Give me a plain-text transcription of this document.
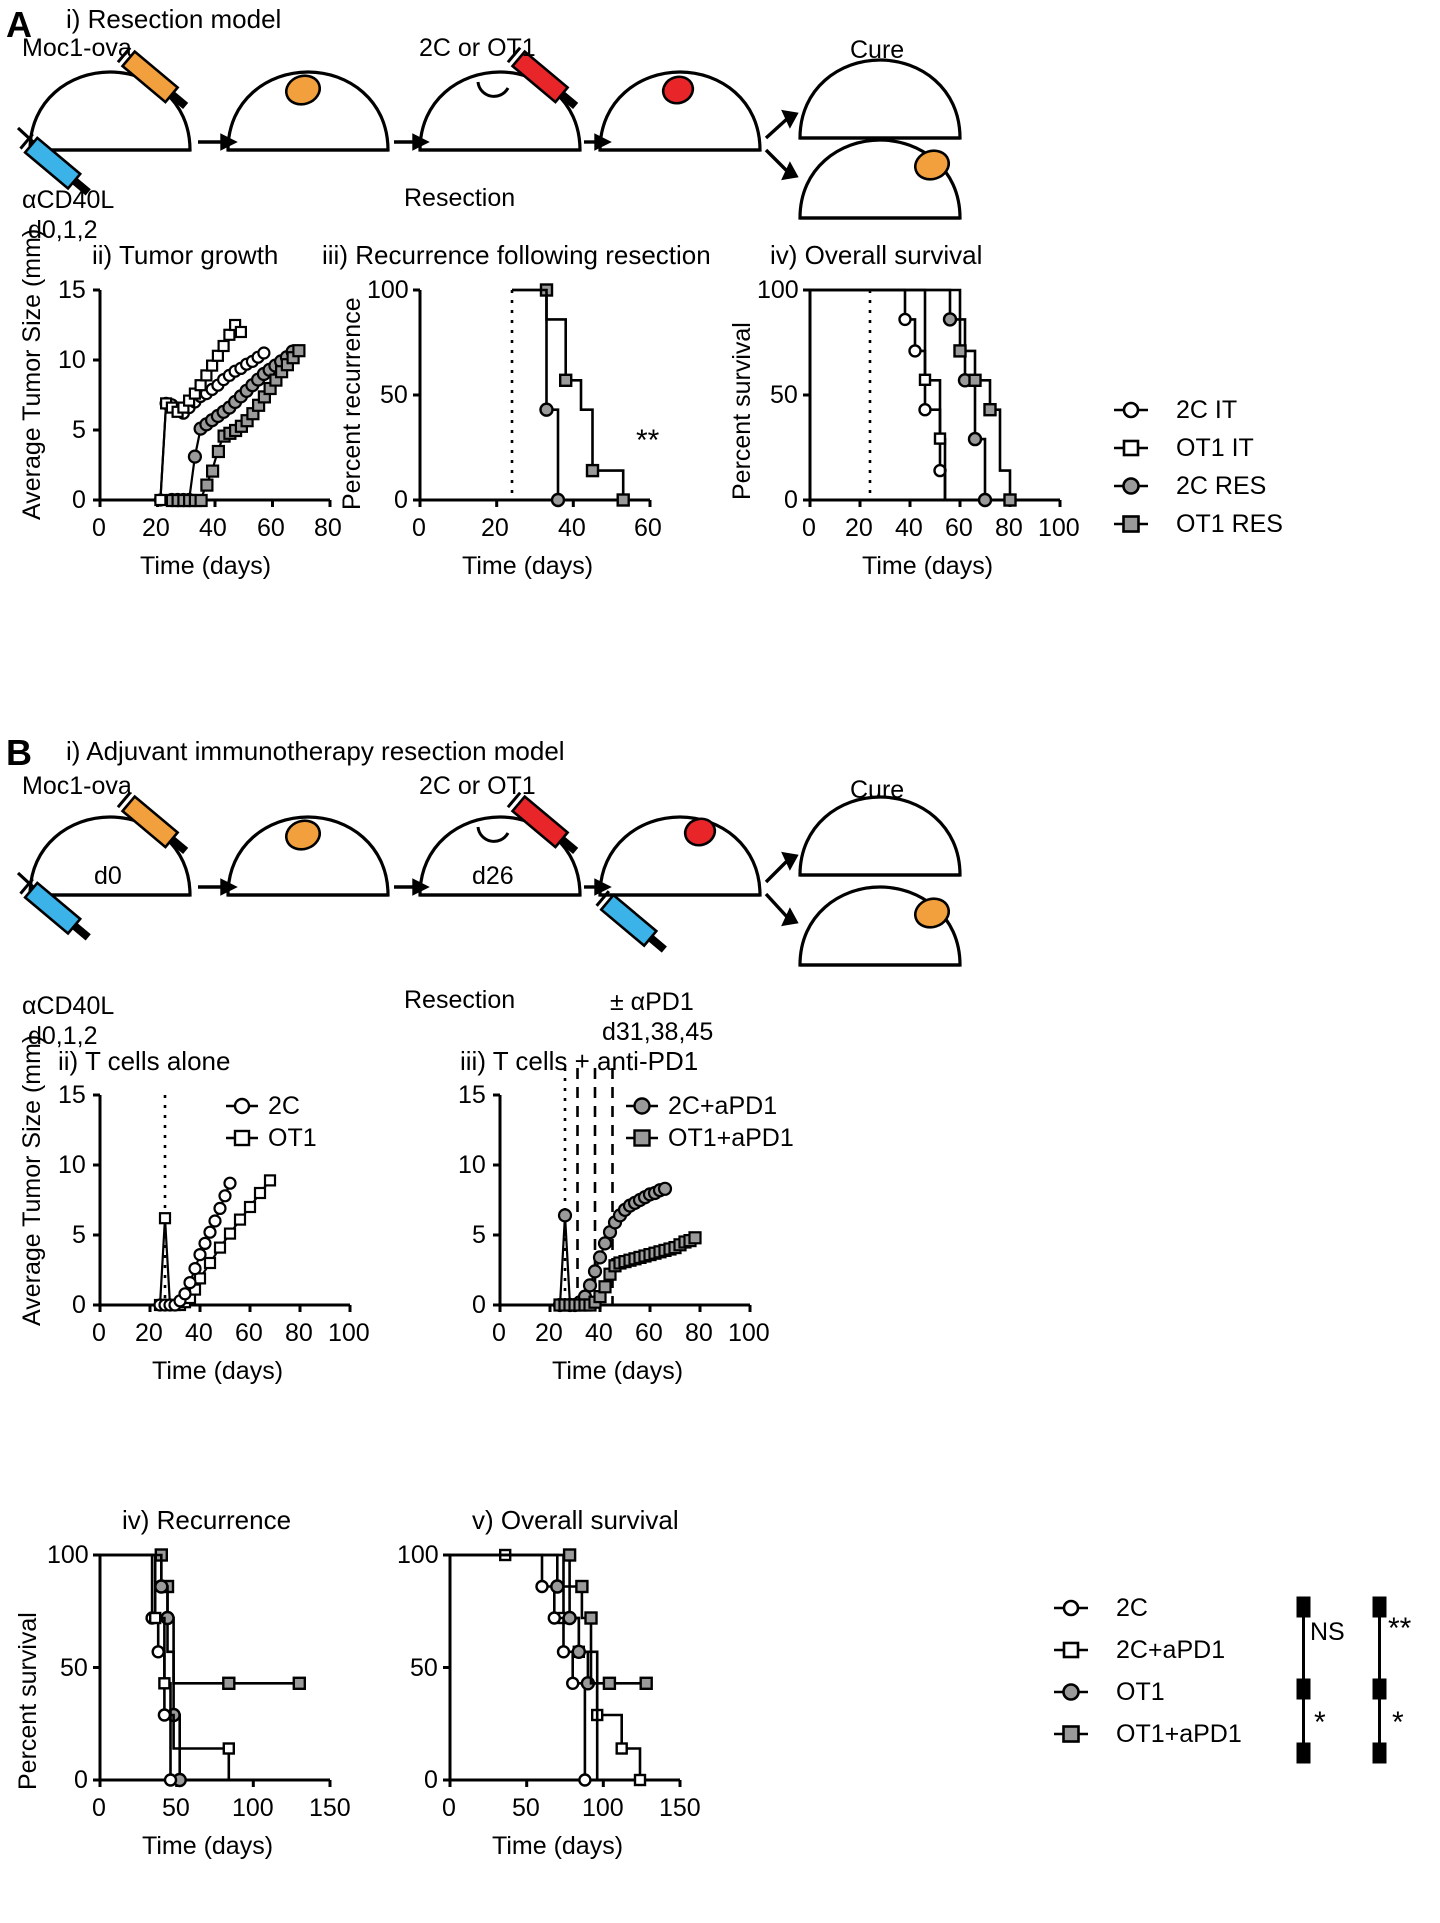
A i) Resection model
Moc1-ova	2C or OT1
αCD40L
d0,1,2
Resection
Cure
ii) Tumor growth iii) Recurrence following resection iv) Overall survival
15
10
5
0
0 20 40 60 80
Time (days)
Average Tumor Size (mm)	100
50
0
0 20 40 60
Time (days)
Percent recurrence	**
100
50
0
0 20 40 60 80 100
Time (days)
Percent survival	2C IT
OT1 IT
2C RES
OT1 RES
B i) Adjuvant immunotherapy resection model
Moc1-ova
d0
2C or OT1
d26
αCD40L
d0,1,2
Resection	± αPD1
d31,38,45
Cure
ii) T cells alone	iii) T cells + anti-PD1
15
10
5
0
0 20 40 60 80 100
Time (days)
Average Tumor Size (mm)	2C
OT1
15
10
5
0
0 20 40 60 80 100
Time (days)
2C+aPD1
OT1+aPD1
iv) Recurrence	v) Overall survival
100
50
0
0 50 100 150
Time (days)
Percent survival
100
50
0
0 50 100 150
Time (days)
2C
2C+aPD1
OT1
OT1+aPD1
NS
*
**
*
